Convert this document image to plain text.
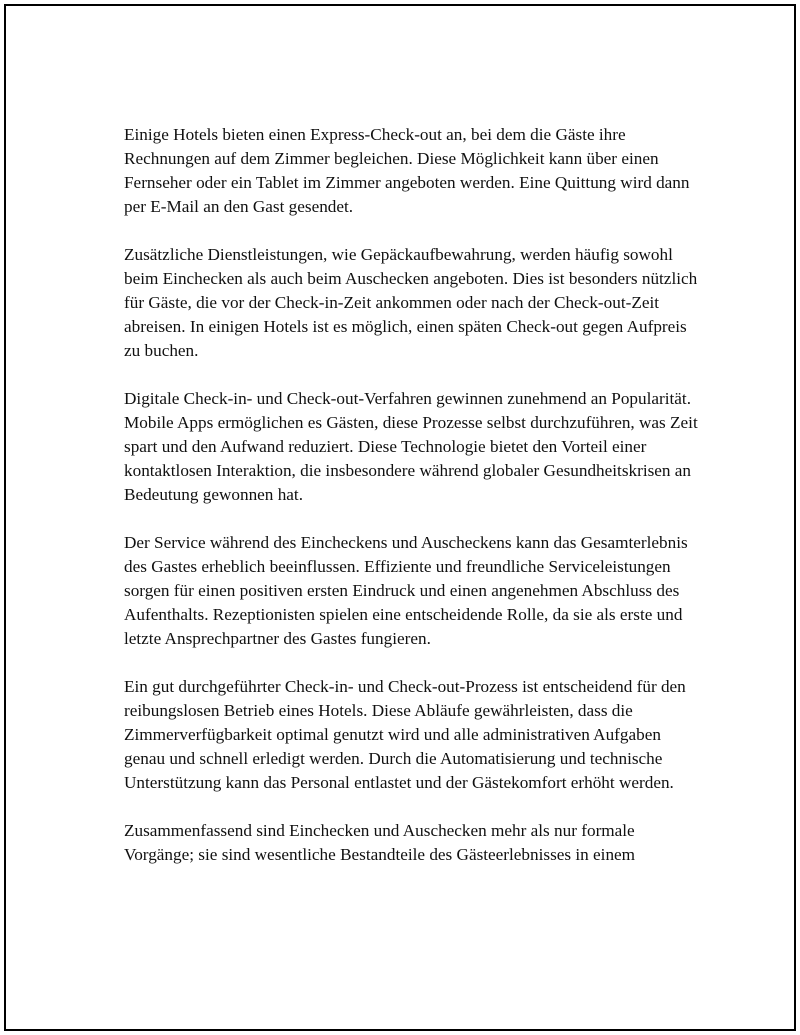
Einige Hotels bieten einen Express-Check-out an, bei dem die Gäste ihre Rechnungen auf dem Zimmer begleichen. Diese Möglichkeit kann über einen Fernseher oder ein Tablet im Zimmer angeboten werden. Eine Quittung wird dann per E-Mail an den Gast gesendet.

Zusätzliche Dienstleistungen, wie Gepäckaufbewahrung, werden häufig sowohl beim Einchecken als auch beim Auschecken angeboten. Dies ist besonders nützlich für Gäste, die vor der Check-in-Zeit ankommen oder nach der Check-out-Zeit abreisen. In einigen Hotels ist es möglich, einen späten Check-out gegen Aufpreis zu buchen.

Digitale Check-in- und Check-out-Verfahren gewinnen zunehmend an Popularität. Mobile Apps ermöglichen es Gästen, diese Prozesse selbst durchzuführen, was Zeit spart und den Aufwand reduziert. Diese Technologie bietet den Vorteil einer kontaktlosen Interaktion, die insbesondere während globaler Gesundheitskrisen an Bedeutung gewonnen hat.

Der Service während des Eincheckens und Auscheckens kann das Gesamterlebnis des Gastes erheblich beeinflussen. Effiziente und freundliche Serviceleistungen sorgen für einen positiven ersten Eindruck und einen angenehmen Abschluss des Aufenthalts. Rezeptionisten spielen eine entscheidende Rolle, da sie als erste und letzte Ansprechpartner des Gastes fungieren.

Ein gut durchgeführter Check-in- und Check-out-Prozess ist entscheidend für den reibungslosen Betrieb eines Hotels. Diese Abläufe gewährleisten, dass die Zimmerverfügbarkeit optimal genutzt wird und alle administrativen Aufgaben genau und schnell erledigt werden. Durch die Automatisierung und technische Unterstützung kann das Personal entlastet und der Gästekomfort erhöht werden.

Zusammenfassend sind Einchecken und Auschecken mehr als nur formale Vorgänge; sie sind wesentliche Bestandteile des Gästeerlebnisses in einem
